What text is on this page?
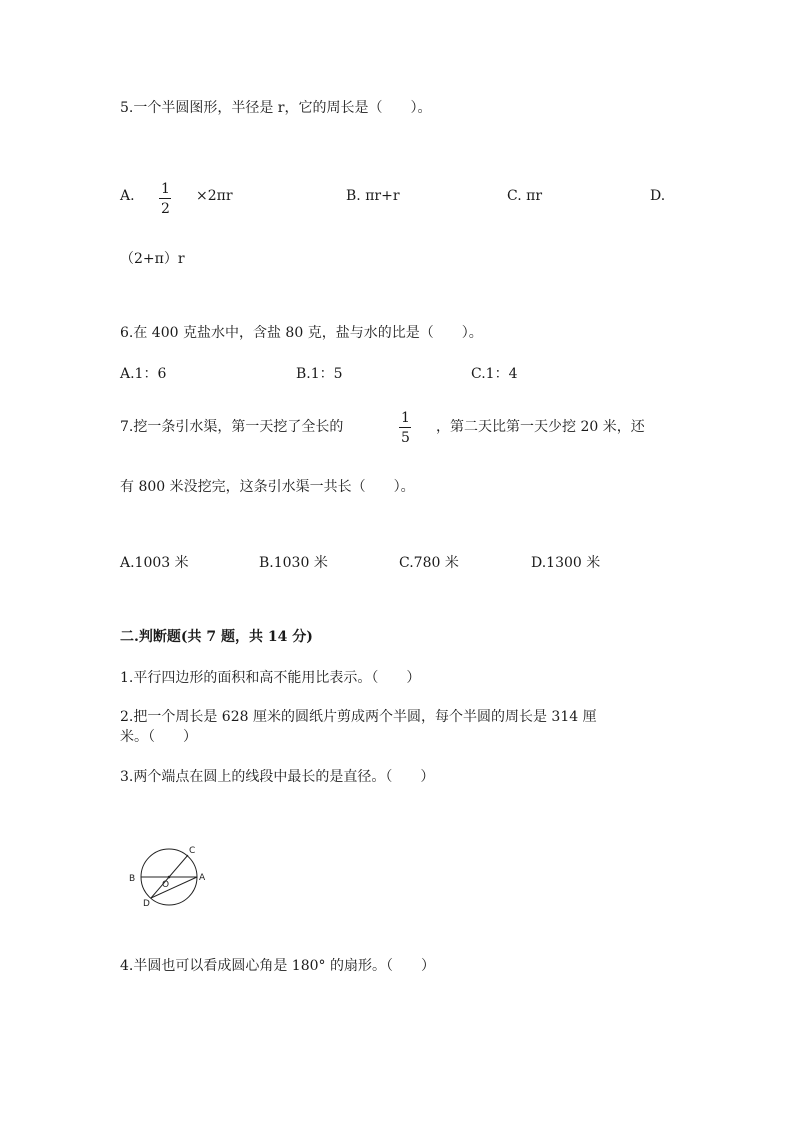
5.一个半圆图形，半径是 r，它的周长是（　　）。
A. 1
2
×2πr	B. πr+r	C. πr	D.
（2+π）r
6.在 400 克盐水中，含盐 80 克，盐与水的比是（　　）。
A.1：6	B.1：5	C.1：4
7.挖一条引水渠，第一天挖了全长的
1
5
，第二天比第一天少挖 20 米，还
有 800 米没挖完，这条引水渠一共长（　　）。
A.1003 米	B.1030 米	C.780 米	D.1300 米
二.判断题(共 7 题，共 14 分)
1.平行四边形的面积和高不能用比表示。（　　）
2.把一个周长是 628 厘米的圆纸片剪成两个半圆，每个半圆的周长是 314 厘
米。（　　）
3.两个端点在圆上的线段中最长的是直径。（　　）
B
O
A
C
D
4.半圆也可以看成圆心角是 180° 的扇形。（　　）
